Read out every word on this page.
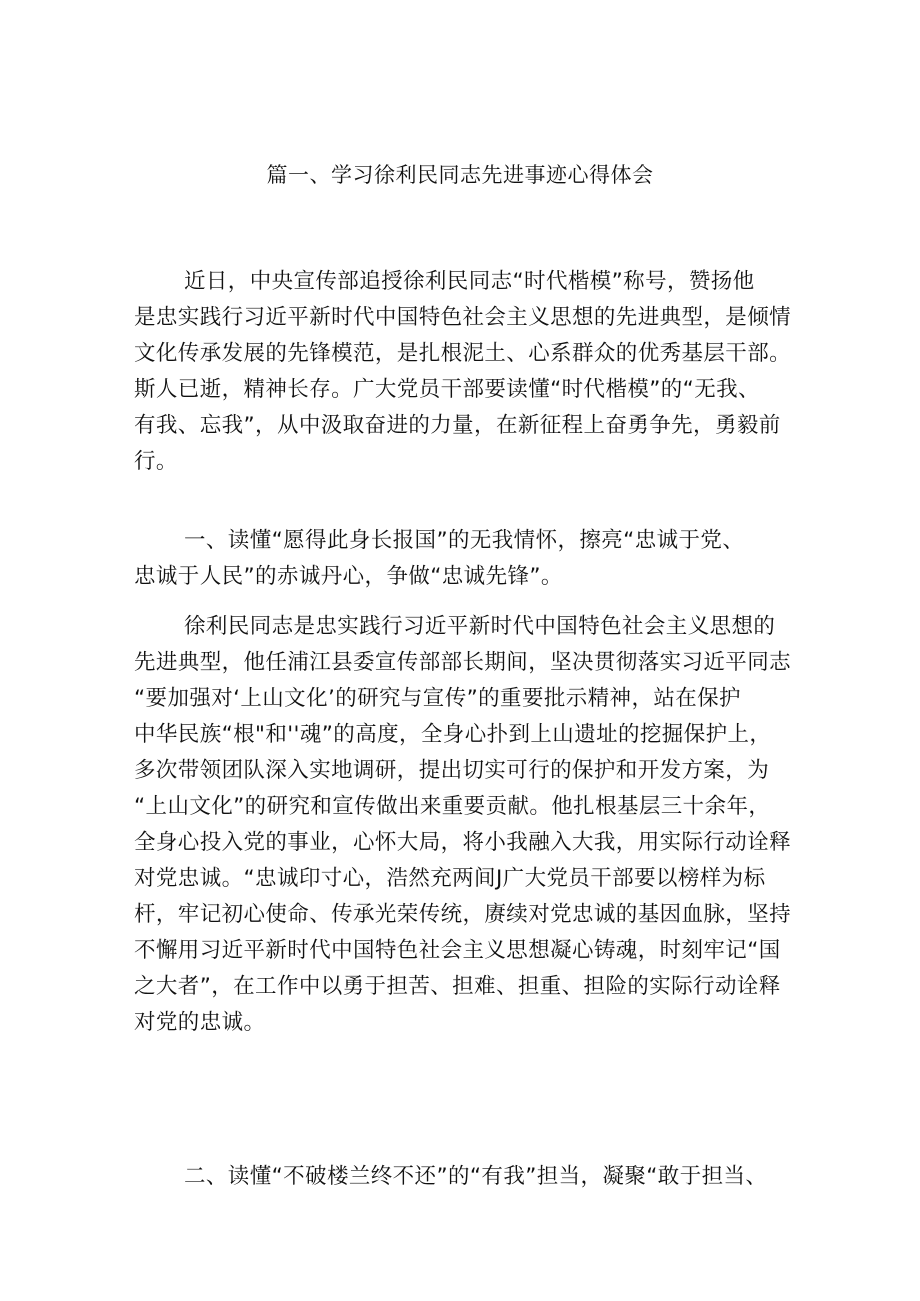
篇一、学习徐利民同志先进事迹心得体会
近日，中央宣传部追授徐利民同志“时代楷模”称号，赞扬他
是忠实践行习近平新时代中国特色社会主义思想的先进典型，是倾情
文化传承发展的先锋模范，是扎根泥土、心系群众的优秀基层干部。
斯人已逝，精神长存。广大党员干部要读懂“时代楷模”的“无我、
有我、忘我”，从中汲取奋进的力量，在新征程上奋勇争先，勇毅前
行。
一、读懂“愿得此身长报国”的无我情怀，擦亮“忠诚于党、
忠诚于人民”的赤诚丹心，争做“忠诚先锋”。
徐利民同志是忠实践行习近平新时代中国特色社会主义思想的
先进典型，他任浦江县委宣传部部长期间，坚决贯彻落实习近平同志
“要加强对‘上山文化’的研究与宣传”的重要批示精神，站在保护
中华民族“根"和''魂”的高度，全身心扑到上山遗址的挖掘保护上，
多次带领团队深入实地调研，提出切实可行的保护和开发方案，为
“上山文化”的研究和宣传做出来重要贡献。他扎根基层三十余年，
全身心投入党的事业，心怀大局，将小我融入大我，用实际行动诠释
对党忠诚。“忠诚印寸心，浩然充两间J广大党员干部要以榜样为标
杆，牢记初心使命、传承光荣传统，赓续对党忠诚的基因血脉，坚持
不懈用习近平新时代中国特色社会主义思想凝心铸魂，时刻牢记“国
之大者”，在工作中以勇于担苦、担难、担重、担险的实际行动诠释
对党的忠诚。
二、读懂“不破楼兰终不还”的“有我”担当，凝聚“敢于担当、
